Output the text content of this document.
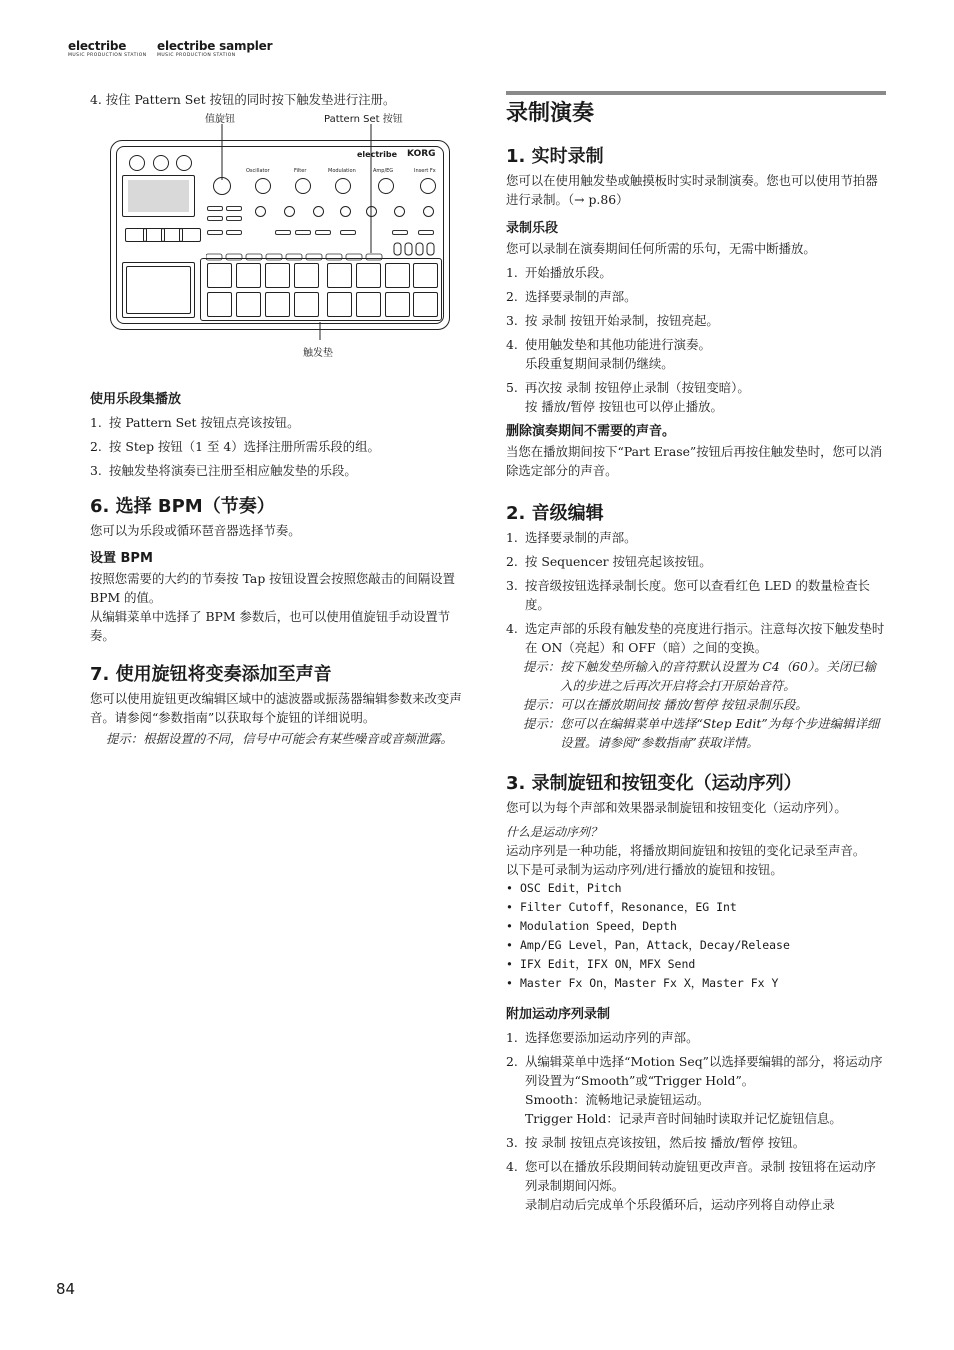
electribe
MUSIC PRODUCTION STATION
electribe sampler
MUSIC PRODUCTION STATION

4. 按住 Pattern Set 按钮的同时按下触发垫进行注册。

值旋钮	Pattern Set 按钮
触发垫
electribe KORG
Oscillator	Filter	Modulation	Amp/EG	Insert Fx
使用乐段集播放
1. 按 Pattern Set 按钮点亮该按钮。
2. 按 Step 按钮（1 至 4）选择注册所需乐段的组。
3. 按触发垫将演奏已注册至相应触发垫的乐段。
6. 选择 BPM（节奏）

您可以为乐段或循环琶音器选择节奏。

设置 BPM

按照您需要的大约的节奏按 Tap 按钮设置会按照您敲击的间隔设置 BPM 的值。

从编辑菜单中选择了 BPM 参数后，也可以使用值旋钮手动设置节奏。

7. 使用旋钮将变奏添加至声音

您可以使用旋钮更改编辑区域中的滤波器或振荡器编辑参数来改变声音。请参阅“参数指南”以获取每个旋钮的详细说明。

提示： 根据设置的不同，信号中可能会有某些噪音或音频泄露。
录制演奏
1. 实时录制

您可以在使用触发垫或触摸板时实时录制演奏。您也可以使用节拍器进行录制。（→ p.86）

录制乐段

您可以录制在演奏期间任何所需的乐句，无需中断播放。

1. 开始播放乐段。
2. 选择要录制的声部。
3. 按 录制 按钮开始录制，按钮亮起。
4. 使用触发垫和其他功能进行演奏。
乐段重复期间录制仍继续。
5. 再次按 录制 按钮停止录制（按钮变暗）。
按 播放/暂停 按钮也可以停止播放。
删除演奏期间不需要的声音。

当您在播放期间按下“Part Erase”按钮后再按住触发垫时，您可以消除选定部分的声音。

2. 音级编辑
1. 选择要录制的声部。
2. 按 Sequencer 按钮亮起该按钮。
3. 按音级按钮选择录制长度。您可以查看红色 LED 的数量检查长度。
4. 选定声部的乐段有触发垫的亮度进行指示。注意每次按下触发垫时在 ON（亮起）和 OFF（暗）之间的变换。
提示： 按下触发垫所输入的音符默认设置为 C4（60）。关闭已输入的步进之后再次开启将会打开原始音符。
提示： 可以在播放期间按 播放/暂停 按钮录制乐段。
提示： 您可以在编辑菜单中选择“Step Edit”为每个步进编辑详细设置。请参阅“参数指南”获取详情。
3. 录制旋钮和按钮变化（运动序列）

您可以为每个声部和效果器录制旋钮和按钮变化（运动序列）。

什么是运动序列？

运动序列是一种功能，将播放期间旋钮和按钮的变化记录至声音。

以下是可录制为运动序列/进行播放的旋钮和按钮。

• OSC Edit，Pitch
• Filter Cutoff，Resonance，EG Int
• Modulation Speed，Depth
• Amp/EG Level，Pan，Attack，Decay/Release
• IFX Edit，IFX ON，MFX Send
• Master Fx On，Master Fx X，Master Fx Y
附加运动序列录制
1. 选择您要添加运动序列的声部。
2. 从编辑菜单中选择“Motion Seq”以选择要编辑的部分，将运动序列设置为“Smooth”或“Trigger Hold”。
Smooth：流畅地记录旋钮运动。
Trigger Hold：记录声音时间轴时读取并记忆旋钮信息。
3. 按 录制 按钮点亮该按钮，然后按 播放/暂停 按钮。
4. 您可以在播放乐段期间转动旋钮更改声音。录制 按钮将在运动序列录制期间闪烁。
录制启动后完成单个乐段循环后，运动序列将自动停止录
84
